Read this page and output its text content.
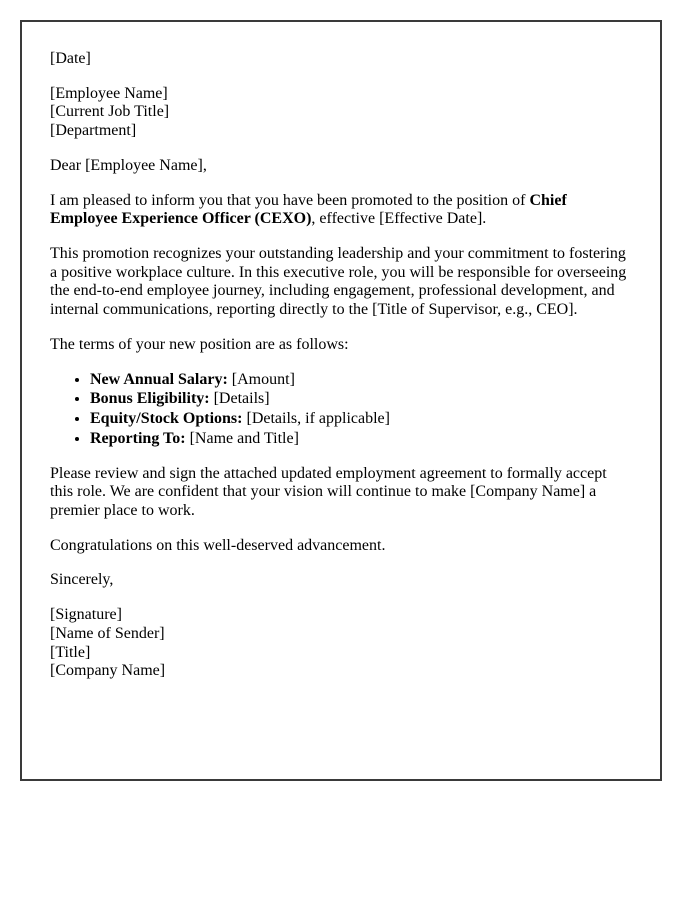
[Date]

[Employee Name]
[Current Job Title]
[Department]

Dear [Employee Name],

I am pleased to inform you that you have been promoted to the position of Chief Employee Experience Officer (CEXO), effective [Effective Date].

This promotion recognizes your outstanding leadership and your commitment to fostering a positive workplace culture. In this executive role, you will be responsible for overseeing the end-to-end employee journey, including engagement, professional development, and internal communications, reporting directly to the [Title of Supervisor, e.g., CEO].

The terms of your new position are as follows:

• New Annual Salary: [Amount]
• Bonus Eligibility: [Details]
• Equity/Stock Options: [Details, if applicable]
• Reporting To: [Name and Title]

Please review and sign the attached updated employment agreement to formally accept this role. We are confident that your vision will continue to make [Company Name] a premier place to work.

Congratulations on this well-deserved advancement.

Sincerely,

[Signature]
[Name of Sender]
[Title]
[Company Name]
